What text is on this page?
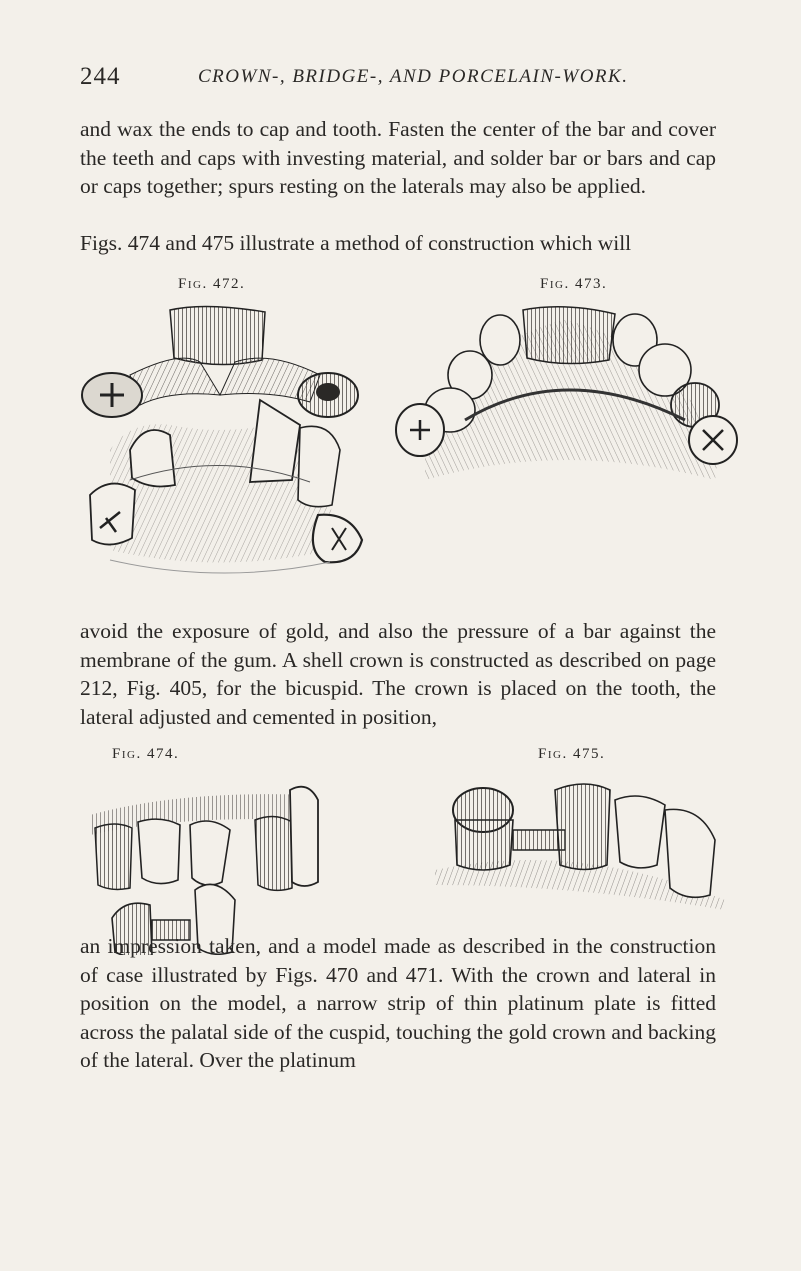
244	CROWN-, BRIDGE-, AND PORCELAIN-WORK.

and wax the ends to cap and tooth. Fasten the center of the bar and cover the teeth and caps with investing material, and solder bar or bars and cap or caps together; spurs resting on the laterals may also be applied.

Figs. 474 and 475 illustrate a method of construction which will

Fig. 472.	Fig. 473.

avoid the exposure of gold, and also the pressure of a bar against the membrane of the gum. A shell crown is constructed as described on page 212, Fig. 405, for the bicuspid. The crown is placed on the tooth, the lateral adjusted and cemented in position,

Fig. 474.	Fig. 475.

an impression taken, and a model made as described in the construction of case illustrated by Figs. 470 and 471. With the crown and lateral in position on the model, a narrow strip of thin platinum plate is fitted across the palatal side of the cuspid, touching the gold crown and backing of the lateral. Over the platinum
